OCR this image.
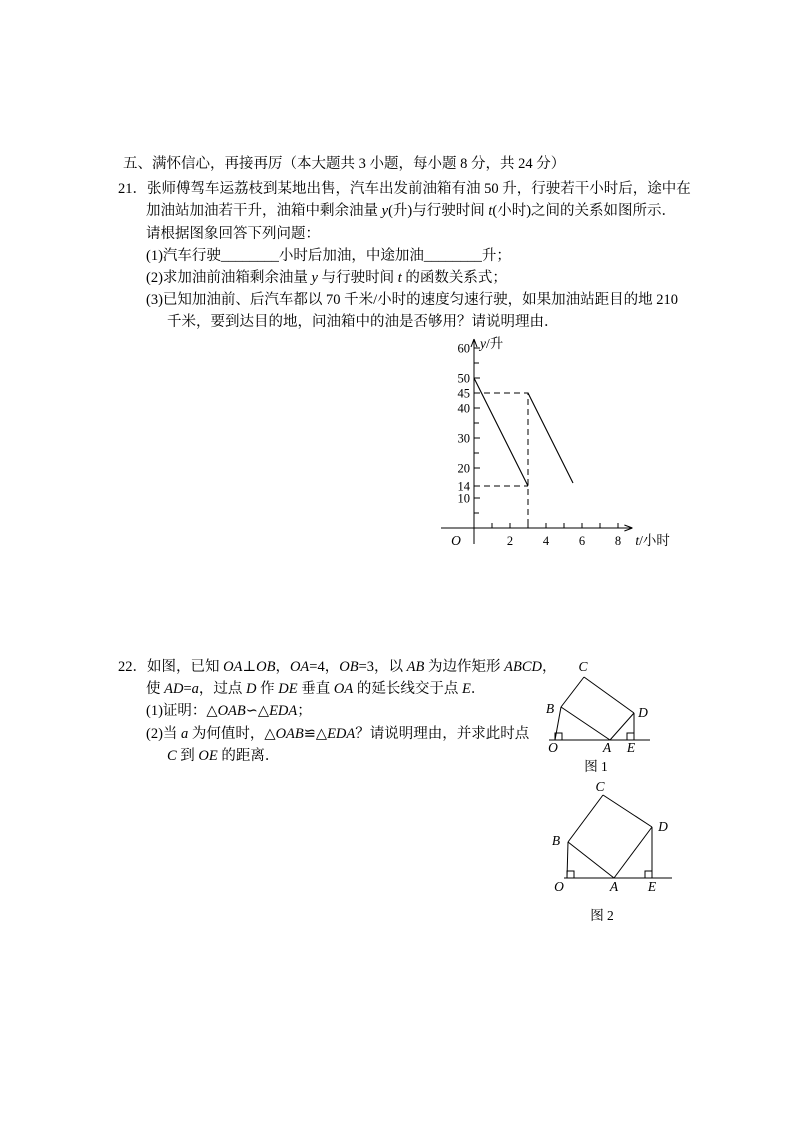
五、满怀信心，再接再厉（本大题共 3 小题，每小题 8 分，共 24 分）
21．张师傅驾车运荔枝到某地出售，汽车出发前油箱有油 50 升，行驶若干小时后，途中在
加油站加油若干升，油箱中剩余油量 y(升)与行驶时间 t(小时)之间的关系如图所示．
请根据图象回答下列问题：
(1)汽车行驶________小时后加油，中途加油________升；
(2)求加油前油箱剩余油量 y 与行驶时间 t 的函数关系式；
(3)已知加油前、后汽车都以 70 千米/小时的速度匀速行驶，如果加油站距目的地 210
千米，要到达目的地，问油箱中的油是否够用？请说明理由．
2 4 6 8
10
14
20
30
40
45
50
60 y/升
t/小时
O
22．如图，已知 OA⊥OB，OA=4，OB=3，以 AB 为边作矩形 ABCD，
使 AD=a，过点 D 作 DE 垂直 OA 的延长线交于点 E．
(1)证明：△OAB∽△EDA；
(2)当 a 为何值时，△OAB≌△EDA？请说明理由，并求此时点
C 到 OE 的距离．
O	A E
B
C
D
图 1
O	A E
B
C
D
图 2
